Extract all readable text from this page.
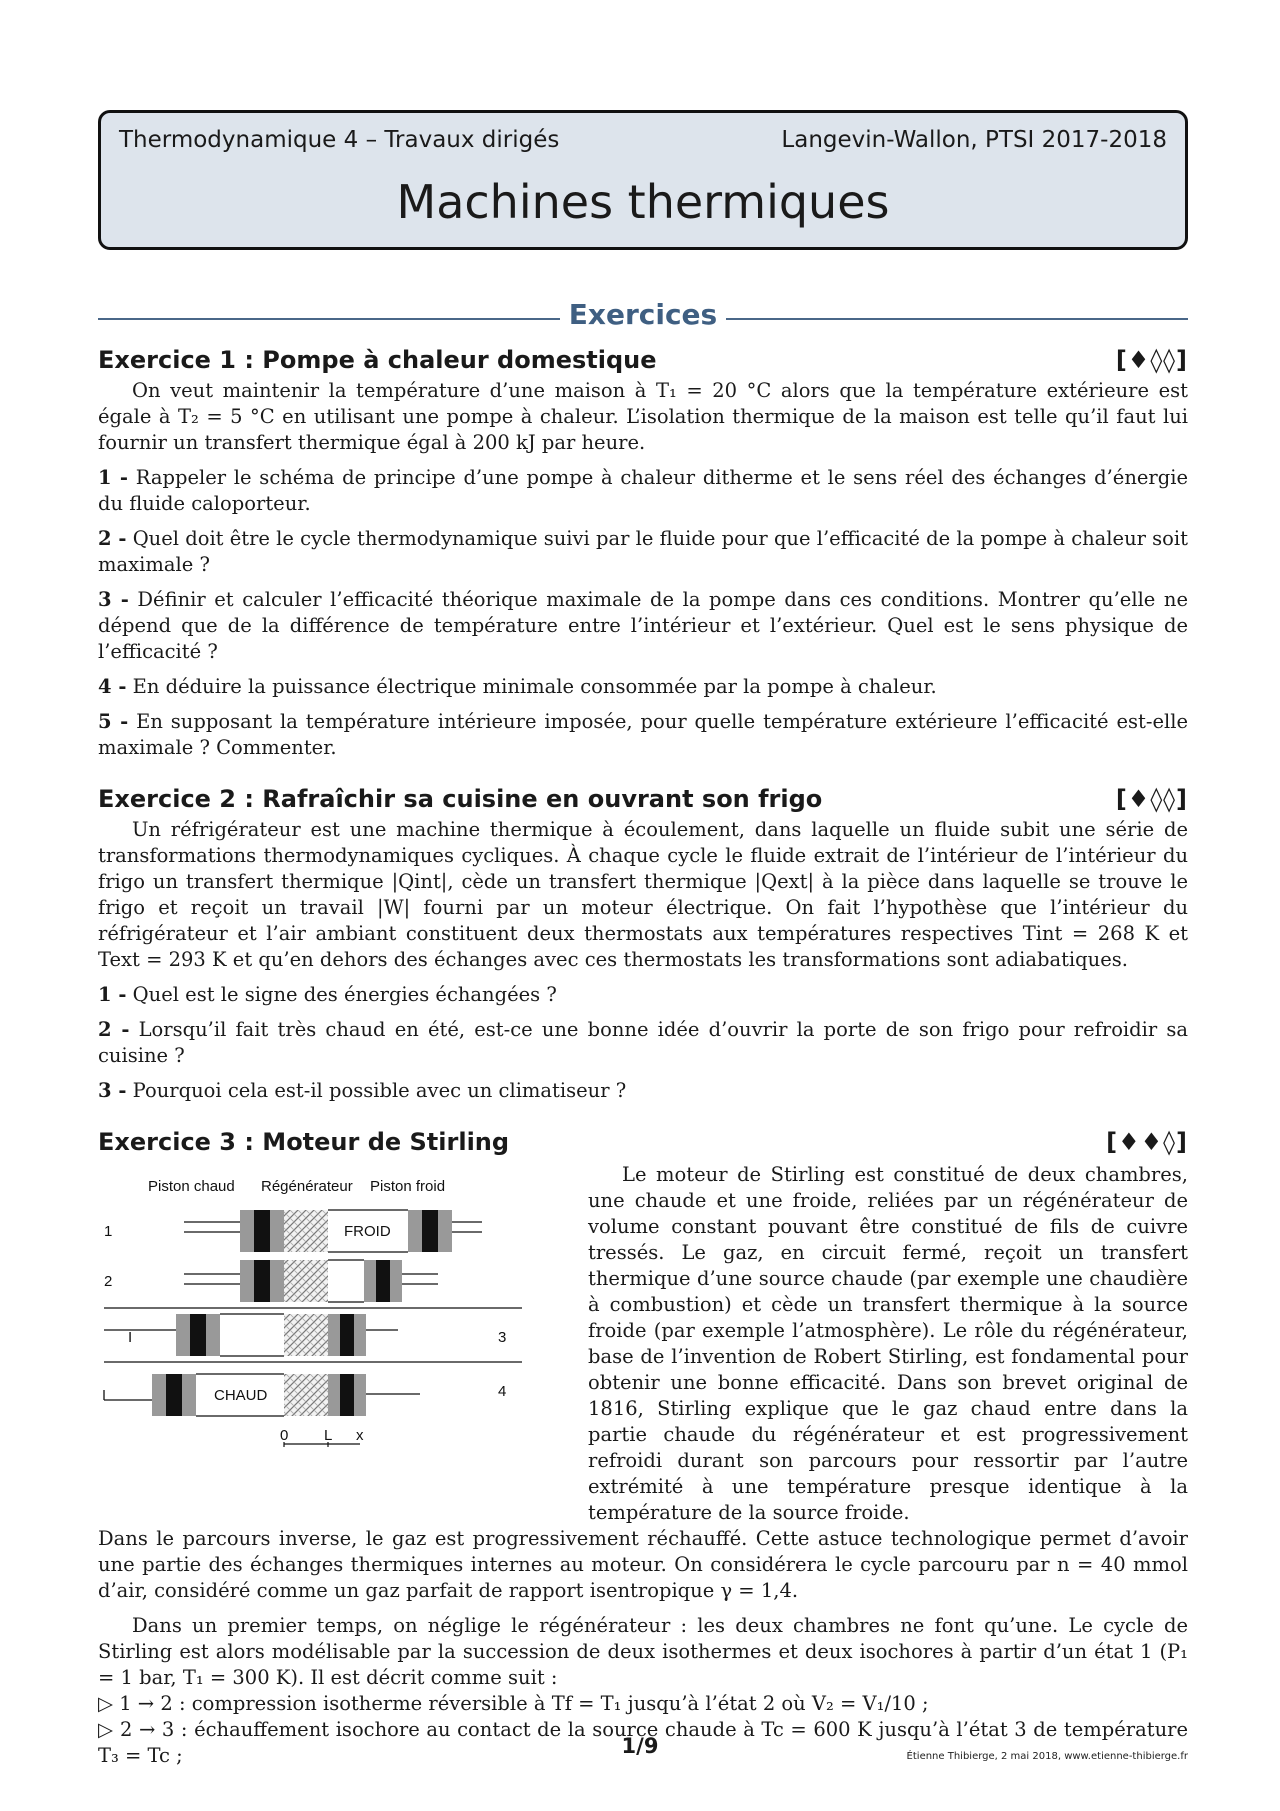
Thermodynamique 4 – Travaux dirigés	Langevin-Wallon, PTSI 2017-2018
Machines thermiques
Exercices
Exercice 1 : Pompe à chaleur domestique	[♦◊◊]

On veut maintenir la température d’une maison à T₁ = 20 °C alors que la température extérieure est égale à T₂ = 5 °C en utilisant une pompe à chaleur. L’isolation thermique de la maison est telle qu’il faut lui fournir un transfert thermique égal à 200 kJ par heure.

1 - Rappeler le schéma de principe d’une pompe à chaleur ditherme et le sens réel des échanges d’énergie du fluide caloporteur.

2 - Quel doit être le cycle thermodynamique suivi par le fluide pour que l’efficacité de la pompe à chaleur soit maximale ?

3 - Définir et calculer l’efficacité théorique maximale de la pompe dans ces conditions. Montrer qu’elle ne dépend que de la différence de température entre l’intérieur et l’extérieur. Quel est le sens physique de l’efficacité ?

4 - En déduire la puissance électrique minimale consommée par la pompe à chaleur.

5 - En supposant la température intérieure imposée, pour quelle température extérieure l’efficacité est-elle maximale ? Commenter.

Exercice 2 : Rafraîchir sa cuisine en ouvrant son frigo	[♦◊◊]

Un réfrigérateur est une machine thermique à écoulement, dans laquelle un fluide subit une série de transformations thermodynamiques cycliques. À chaque cycle le fluide extrait de l’intérieur de l’intérieur du frigo un transfert thermique |Qint|, cède un transfert thermique |Qext| à la pièce dans laquelle se trouve le frigo et reçoit un travail |W| fourni par un moteur électrique. On fait l’hypothèse que l’intérieur du réfrigérateur et l’air ambiant constituent deux thermostats aux températures respectives Tint = 268 K et Text = 293 K et qu’en dehors des échanges avec ces thermostats les transformations sont adiabatiques.

1 - Quel est le signe des énergies échangées ?

2 - Lorsqu’il fait très chaud en été, est-ce une bonne idée d’ouvrir la porte de son frigo pour refroidir sa cuisine ?

3 - Pourquoi cela est-il possible avec un climatiseur ?

Exercice 3 : Moteur de Stirling	[♦♦◊]
Piston chaud Régénérateur Piston froid
1	FROID
2
I	3
4
CHAUD
0 L x

Le moteur de Stirling est constitué de deux chambres, une chaude et une froide, reliées par un régénérateur de volume constant pouvant être constitué de fils de cuivre tressés. Le gaz, en circuit fermé, reçoit un transfert thermique d’une source chaude (par exemple une chaudière à combustion) et cède un transfert thermique à la source froide (par exemple l’atmosphère). Le rôle du régénérateur, base de l’invention de Robert Stirling, est fondamental pour obtenir une bonne efficacité. Dans son brevet original de 1816, Stirling explique que le gaz chaud entre dans la partie chaude du régénérateur et est progressivement refroidi durant son parcours pour ressortir par l’autre extrémité à une température presque identique à la température de la source froide.

Dans le parcours inverse, le gaz est progressivement réchauffé. Cette astuce technologique permet d’avoir une partie des échanges thermiques internes au moteur. On considérera le cycle parcouru par n = 40 mmol d’air, considéré comme un gaz parfait de rapport isentropique γ = 1,4.

Dans un premier temps, on néglige le régénérateur : les deux chambres ne font qu’une. Le cycle de Stirling est alors modélisable par la succession de deux isothermes et deux isochores à partir d’un état 1 (P₁ = 1 bar, T₁ = 300 K). Il est décrit comme suit :

▷ 1 → 2 : compression isotherme réversible à Tf = T₁ jusqu’à l’état 2 où V₂ = V₁/10 ;

▷ 2 → 3 : échauffement isochore au contact de la source chaude à Tc = 600 K jusqu’à l’état 3 de température T₃ = Tc ;	1/9	Étienne Thibierge, 2 mai 2018, www.etienne-thibierge.fr
